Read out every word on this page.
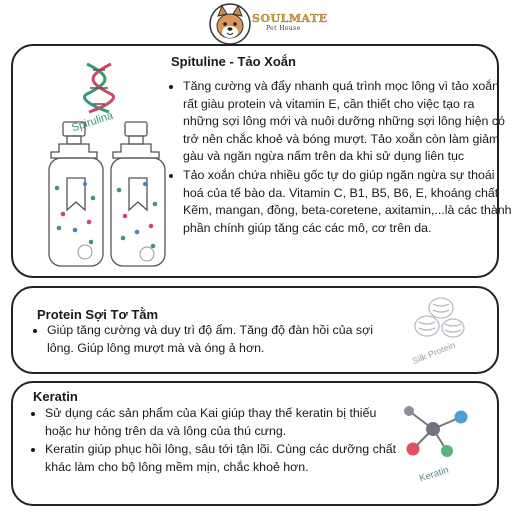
SOULMATE
Pet House
Spituline - Tảo Xoắn
Spirulina
• Tăng cường và đẩy nhanh quá trình mọc lông vì tảo xoắn rất giàu protein và vitamin E, cần thiết cho việc tạo ra những sợi lông mới và nuôi dưỡng những sợi lông hiện có trở nên chắc khoẻ và bóng mượt. Tảo xoắn còn làm giảm gàu và ngăn ngừa nấm trên da khi sử dụng liên tục
• Tảo xoắn chứa nhiều gốc tự do giúp ngăn ngừa sự thoái hoá của tế bào da. Vitamin C, B1, B5, B6, E, khoáng chất Kẽm, mangan, đồng, beta-coretene, axitamin,...là các thành phần chính giúp tăng các các mô, cơ trên da.
Protein Sợi Tơ Tằm
• Giúp tăng cường và duy trì độ ẩm. Tăng độ đàn hồi của sợi lông. Giúp lông mượt mà và óng ả hơn.	Silk Protein
Keratin
• Sử dụng các sản phẩm của Kai giúp thay thế keratin bị thiếu hoặc hư hỏng trên da và lông của thú cưng.
• Keratin giúp phục hồi lông, sâu tới tận lõi. Cùng các dưỡng chất khác làm cho bộ lông mềm mịn, chắc khoẻ hơn.	Keratin
